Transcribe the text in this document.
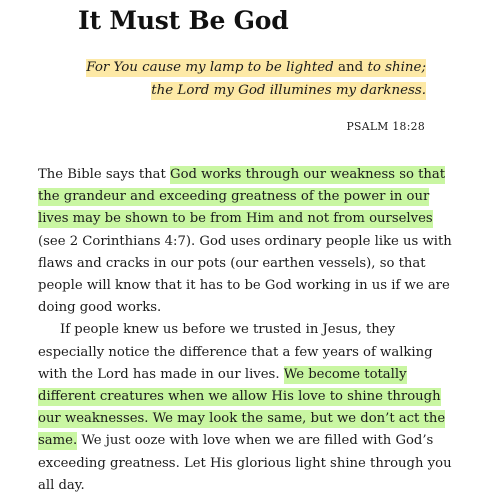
It Must Be God
For You cause my lamp to be lighted and to shine;
the Lord my God illumines my darkness.
PSALM 18:28

The Bible says that God works through our weakness so that the grandeur and exceeding greatness of the power in our lives may be shown to be from Him and not from ourselves (see 2 Corinthians 4:7). God uses ordinary people like us with flaws and cracks in our pots (our earthen vessels), so that people will know that it has to be God working in us if we are doing good works.

If people knew us before we trusted in Jesus, they especially notice the difference that a few years of walking with the Lord has made in our lives. We become totally different creatures when we allow His love to shine through our weaknesses. We may look the same, but we don’t act the same. We just ooze with love when we are filled with God’s exceeding greatness. Let His glorious light shine through you all day.
